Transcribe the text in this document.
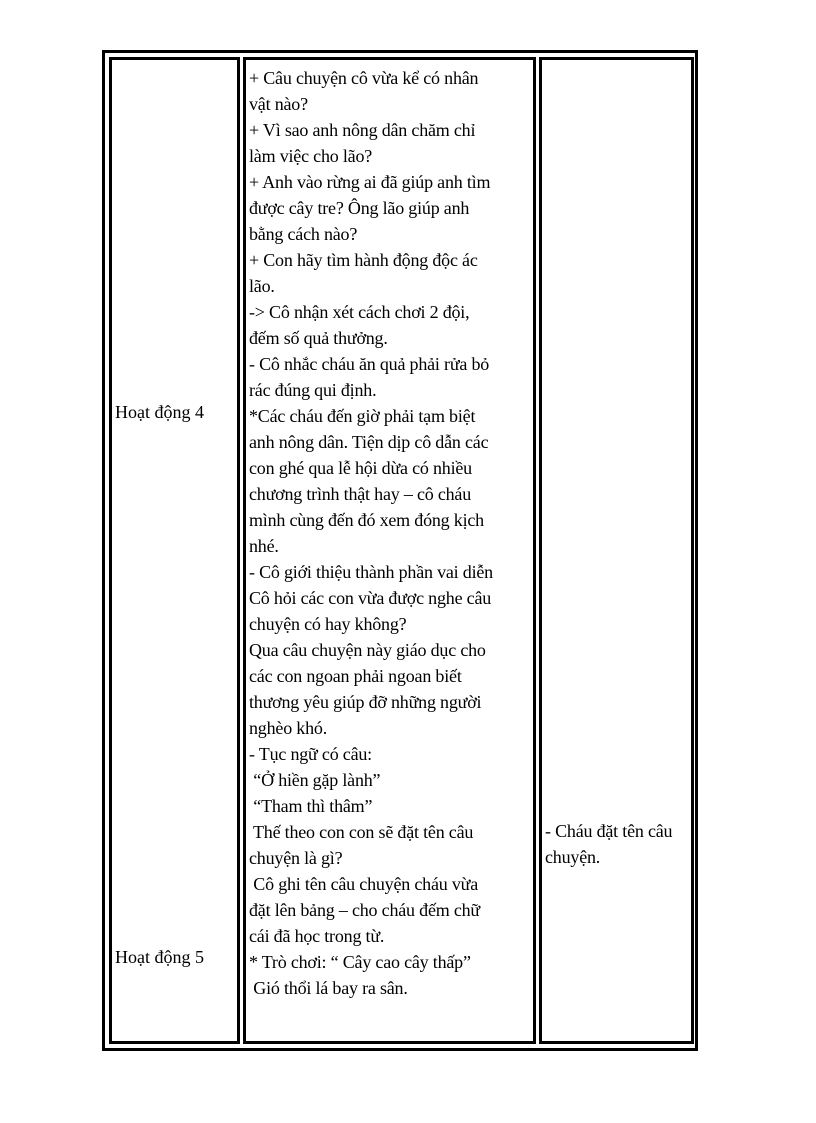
Hoạt động 4
Hoạt động 5
+ Câu chuyện cô vừa kể có nhân
vật nào?
+ Vì sao anh nông dân chăm chỉ
làm việc cho lão?
+ Anh vào rừng ai đã giúp anh tìm
được cây tre? Ông lão giúp anh
bằng cách nào?
+ Con hãy tìm hành động độc ác
lão.
-> Cô nhận xét cách chơi 2 đội,
đếm số quả thưởng.
- Cô nhắc cháu ăn quả phải rửa bỏ
rác đúng qui định.
*Các cháu đến giờ phải tạm biệt
anh nông dân. Tiện dịp cô dẫn các
con ghé qua lễ hội dừa có nhiều
chương trình thật hay – cô cháu
mình cùng đến đó xem đóng kịch
nhé.
- Cô giới thiệu thành phần vai diễn
Cô hỏi các con vừa được nghe câu
chuyện có hay không?
Qua câu chuyện này giáo dục cho
các con ngoan phải ngoan biết
thương yêu giúp đỡ những người
nghèo khó.
- Tục ngữ có câu:
“Ở hiền gặp lành”
“Tham thì thâm”
Thế theo con con sẽ đặt tên câu
chuyện là gì?
Cô ghi tên câu chuyện cháu vừa
đặt lên bảng – cho cháu đếm chữ
cái đã học trong từ.
* Trò chơi: “ Cây cao cây thấp”
Gió thổi lá bay ra sân.
- Cháu đặt tên câu
chuyện.
